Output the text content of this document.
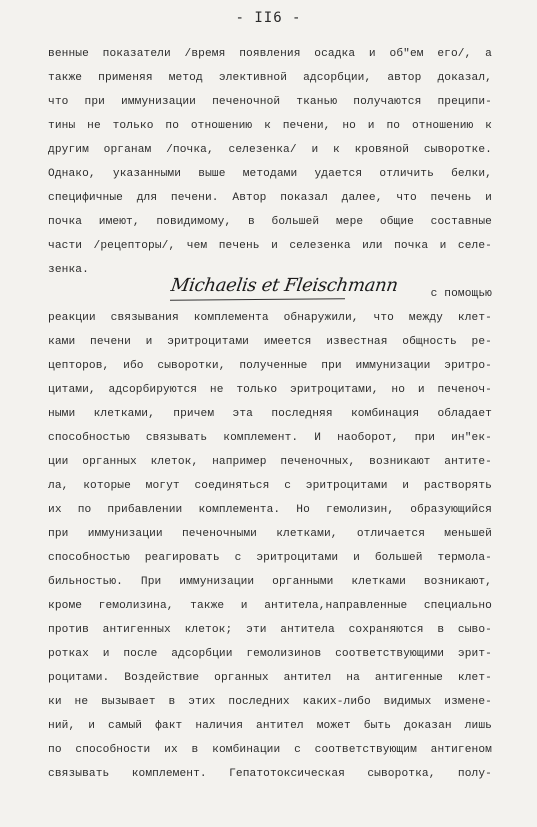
- II6 -
венные показатели /время появления осадка и об"ем его/, а
также применяя метод элективной адсорбции, автор доказал,
что при иммунизации печеночной тканью получаются преципи-
тины не только по отношению к печени, но и по отношению к
другим органам /почка, селезенка/ и к кровяной сыворотке.
Однако, указанными выше методами удается отличить белки,
специфичные для печени. Автор показал далее, что печень и
почка имеют, повидимому, в большей мере общие составные
части /рецепторы/, чем печень и селезенка или почка и селе-
зенка.
Michaelis et Fleischmann	с помощью
реакции связывания комплемента обнаружили, что между клет-
ками печени и эритроцитами имеется известная общность ре-
цепторов, ибо сыворотки, полученные при иммунизации эритро-
цитами, адсорбируются не только эритроцитами, но и печеноч-
ными клетками, причем эта последняя комбинация обладает
способностью связывать комплемент. И наоборот, при ин"ек-
ции органных клеток, например печеночных, возникают антите-
ла, которые могут соединяться с эритроцитами и растворять
их по прибавлении комплемента. Но гемолизин, образующийся
при иммунизации печеночными клетками, отличается меньшей
способностью реагировать с эритроцитами и большей термола-
бильностью. При иммунизации органными клетками возникают,
кроме гемолизина, также и антитела,направленные специально
против антигенных клеток; эти антитела сохраняются в сыво-
ротках и после адсорбции гемолизинов соответствующими эрит-
роцитами. Воздействие органных антител на антигенные клет-
ки не вызывает в этих последних каких-либо видимых измене-
ний, и самый факт наличия антител может быть доказан лишь
по способности их в комбинации с соответствующим антигеном
связывать комплемент. Гепатотоксическая сыворотка, полу-
